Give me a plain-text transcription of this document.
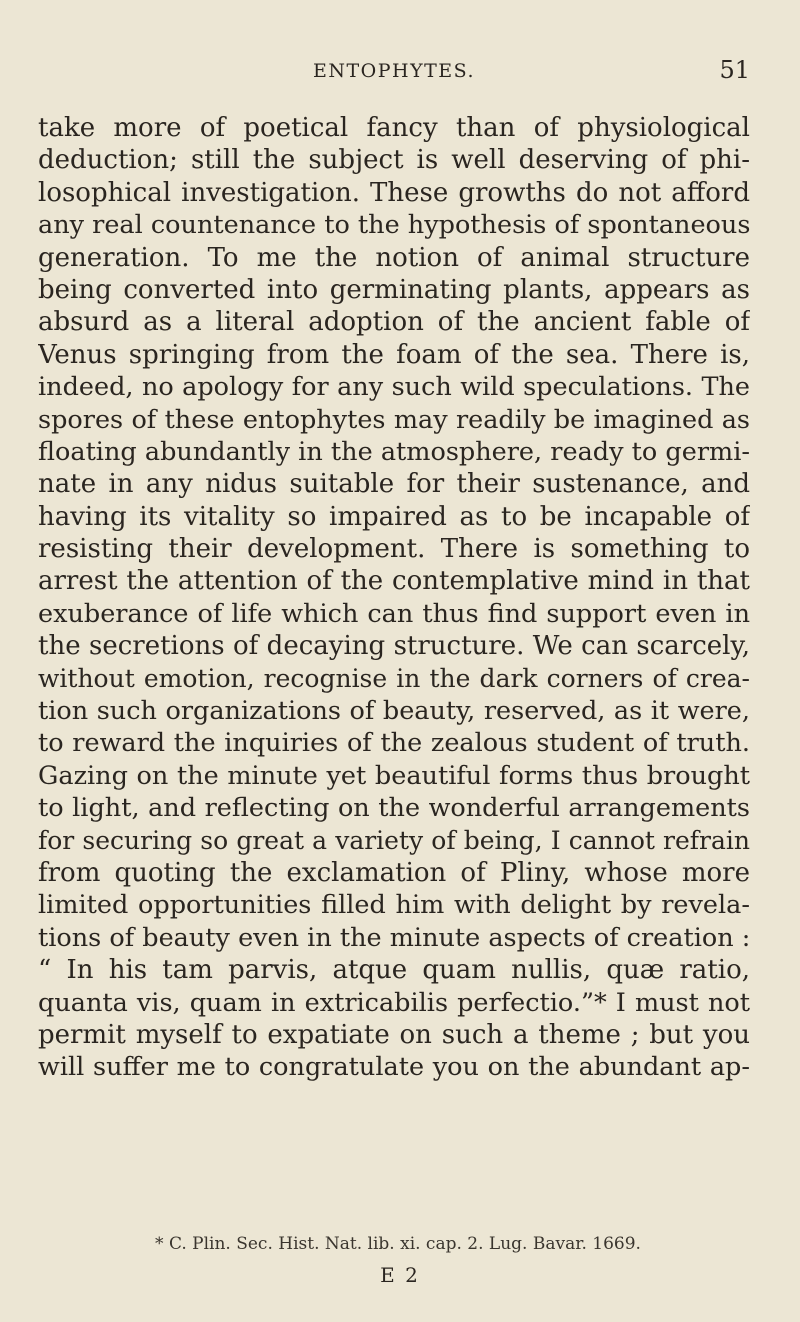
ENTOPHYTES.	51
take more of poetical fancy than of physiological
deduction; still the subject is well deserving of phi-
losophical investigation. These growths do not afford
any real countenance to the hypothesis of spontaneous
generation. To me the notion of animal structure
being converted into germinating plants, appears as
absurd as a literal adoption of the ancient fable of
Venus springing from the foam of the sea. There is,
indeed, no apology for any such wild speculations. The
spores of these entophytes may readily be imagined as
floating abundantly in the atmosphere, ready to germi-
nate in any nidus suitable for their sustenance, and
having its vitality so impaired as to be incapable of
resisting their development. There is something to
arrest the attention of the contemplative mind in that
exuberance of life which can thus find support even in
the secretions of decaying structure. We can scarcely,
without emotion, recognise in the dark corners of crea-
tion such organizations of beauty, reserved, as it were,
to reward the inquiries of the zealous student of truth.
Gazing on the minute yet beautiful forms thus brought
to light, and reflecting on the wonderful arrangements
for securing so great a variety of being, I cannot refrain
from quoting the exclamation of Pliny, whose more
limited opportunities filled him with delight by revela-
tions of beauty even in the minute aspects of creation :
“ In his tam parvis, atque quam nullis, quæ ratio,
quanta vis, quam in extricabilis perfectio.”* I must not
permit myself to expatiate on such a theme ; but you
will suffer me to congratulate you on the abundant ap-
* C. Plin. Sec. Hist. Nat. lib. xi. cap. 2. Lug. Bavar. 1669.
E 2
